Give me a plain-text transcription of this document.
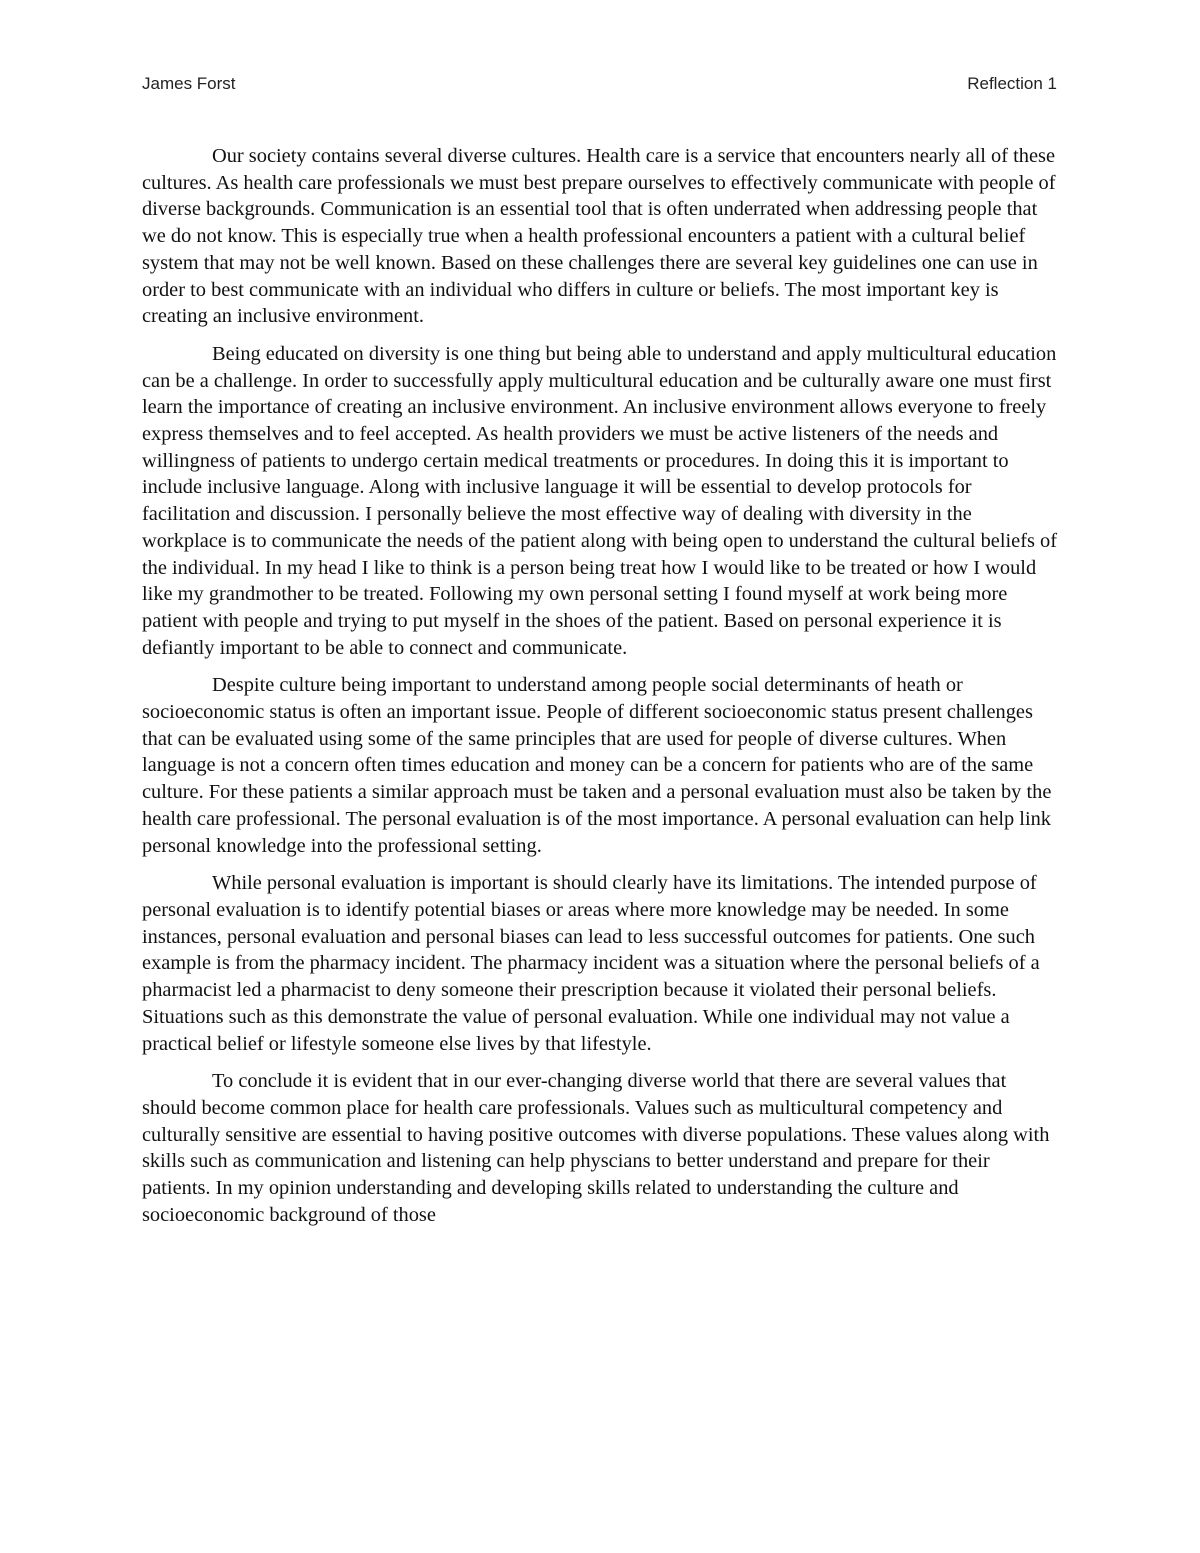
James Forst	Reflection 1

Our society contains several diverse cultures. Health care is a service that encounters nearly all of these cultures. As health care professionals we must best prepare ourselves to effectively communicate with people of diverse backgrounds. Communication is an essential tool that is often underrated when addressing people that we do not know. This is especially true when a health professional encounters a patient with a cultural belief system that may not be well known. Based on these challenges there are several key guidelines one can use in order to best communicate with an individual who differs in culture or beliefs. The most important key is creating an inclusive environment.

Being educated on diversity is one thing but being able to understand and apply multicultural education can be a challenge. In order to successfully apply multicultural education and be culturally aware one must first learn the importance of creating an inclusive environment. An inclusive environment allows everyone to freely express themselves and to feel accepted. As health providers we must be active listeners of the needs and willingness of patients to undergo certain medical treatments or procedures. In doing this it is important to include inclusive language. Along with inclusive language it will be essential to develop protocols for facilitation and discussion. I personally believe the most effective way of dealing with diversity in the workplace is to communicate the needs of the patient along with being open to understand the cultural beliefs of the individual. In my head I like to think is a person being treat how I would like to be treated or how I would like my grandmother to be treated. Following my own personal setting I found myself at work being more patient with people and trying to put myself in the shoes of the patient. Based on personal experience it is defiantly important to be able to connect and communicate.

Despite culture being important to understand among people social determinants of heath or socioeconomic status is often an important issue. People of different socioeconomic status present challenges that can be evaluated using some of the same principles that are used for people of diverse cultures. When language is not a concern often times education and money can be a concern for patients who are of the same culture. For these patients a similar approach must be taken and a personal evaluation must also be taken by the health care professional. The personal evaluation is of the most importance. A personal evaluation can help link personal knowledge into the professional setting.

While personal evaluation is important is should clearly have its limitations. The intended purpose of personal evaluation is to identify potential biases or areas where more knowledge may be needed. In some instances, personal evaluation and personal biases can lead to less successful outcomes for patients. One such example is from the pharmacy incident. The pharmacy incident was a situation where the personal beliefs of a pharmacist led a pharmacist to deny someone their prescription because it violated their personal beliefs. Situations such as this demonstrate the value of personal evaluation. While one individual may not value a practical belief or lifestyle someone else lives by that lifestyle.

To conclude it is evident that in our ever-changing diverse world that there are several values that should become common place for health care professionals. Values such as multicultural competency and culturally sensitive are essential to having positive outcomes with diverse populations. These values along with skills such as communication and listening can help physcians to better understand and prepare for their patients. In my opinion understanding and developing skills related to understanding the culture and socioeconomic background of those
